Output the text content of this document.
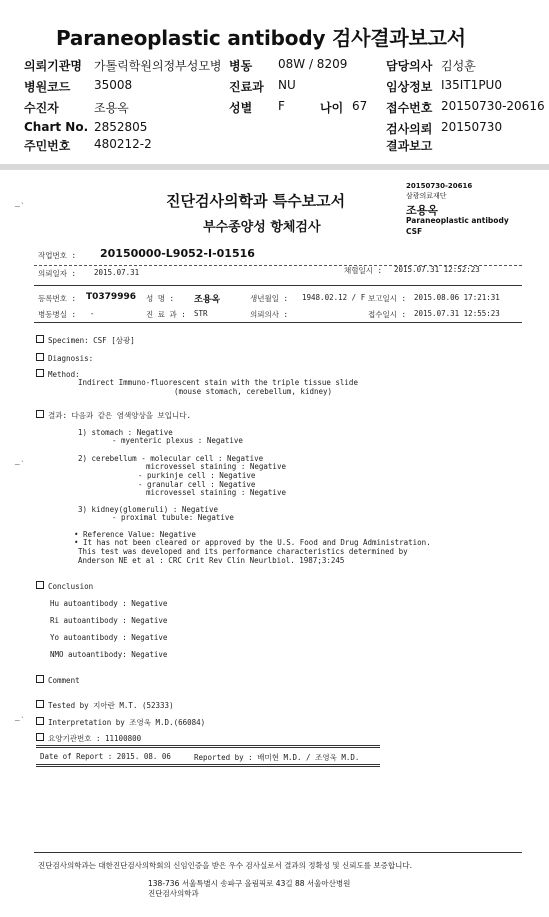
Paraneoplastic antibody 검사결과보고서
의뢰기관명 가톨릭학원의정부성모병 병동 08W / 8209	담당의사 김성훈
병원코드 35008	진료과 NU	임상정보 I35IT1PU0
수진자	조용옥	성별 F	나이 67 접수번호 20150730-20616
Chart No. 2852805	검사의뢰 20150730
주민번호 480212-2	결과보고
~`
~`
~`
진단검사의학과 특수보고서
부수종양성 항체검사
20150730-20616
삼광의료재단
조용옥
Paraneoplastic antibody
CSF
작업번호 : 20150000-L9052-I-01516
의뢰일자 : 2015.07.31	채혈일시 : 2015.07.31 12:52:23
등록번호 : T0379996 성 명 : 조용옥	생년월일 : 1948.02.12 / F 보고일시 : 2015.08.06 17:21:31
병동병실 : -	진 료 과 : STR	의뢰의사 :	접수일시 : 2015.07.31 12:55:23
Specimen: CSF [삼광]
Diagnosis:
Method:
Indirect Immuno-fluorescent stain with the triple tissue slide
(mouse stomach, cerebellum, kidney)
결과: 다음과 같은 염색양상을 보입니다.
1) stomach : Negative
- myenteric plexus : Negative
2) cerebellum - molecular cell : Negative
microvessel staining : Negative
- purkinje cell : Negative
- granular cell : Negative
microvessel staining : Negative
3) kidney(glomeruli) : Negative
- proximal tubule: Negative
• Reference Value: Negative
• It has not been cleared or approved by the U.S. Food and Drug Administration.
This test was developed and its performance characteristics determined by
Anderson NE et al : CRC Crit Rev Clin Neurlbiol. 1987;3:245
Conclusion
Hu autoantibody : Negative
Ri autoantibody : Negative
Yo autoantibody : Negative
NMO autoantibody: Negative
Comment
Tested by 지아란 M.T. (52333)
Interpretation by 조영욱 M.D.(66084)
요양기관번호 : 11100800
Date of Report : 2015. 08. 06	Reported by : 배미현 M.D. / 조영욱 M.D.
진단검사의학과는 대한진단검사의학회의 신임인증을 받은 우수 검사실로서 결과의 정확성 및 신뢰도를 보증합니다.
138-736 서울특별시 송파구 올림픽로 43길 88 서울아산병원
진단검사의학과
